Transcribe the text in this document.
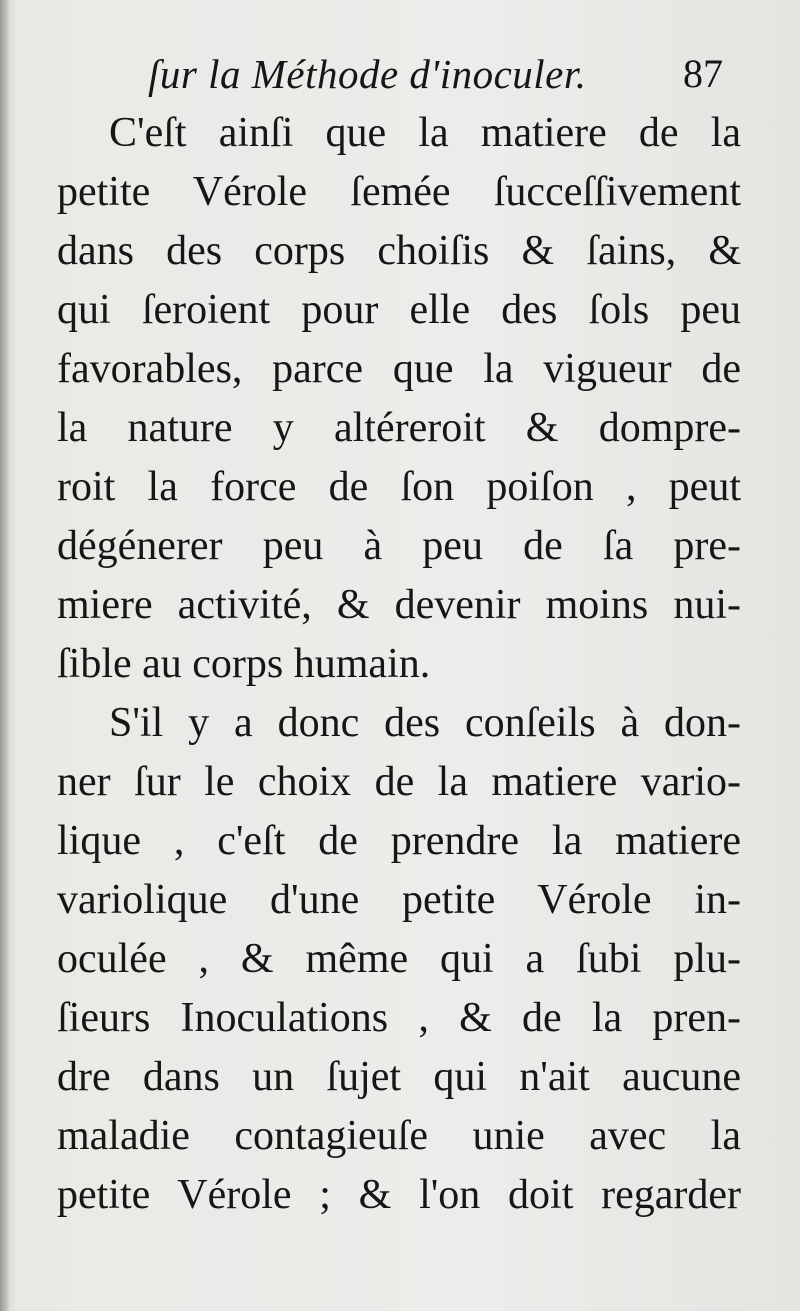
ſur la Méthode d'inoculer. 87
C'eſt ainſi que la matiere de la
petite Vérole ſemée ſucceſſivement
dans des corps choiſis & ſains, &
qui ſeroient pour elle des ſols peu
favorables, parce que la vigueur de
la nature y altéreroit & dompre-
roit la force de ſon poiſon , peut
dégénerer peu à peu de ſa pre-
miere activité, & devenir moins nui-
ſible au corps humain.
S'il y a donc des conſeils à don-
ner ſur le choix de la matiere vario-
lique , c'eſt de prendre la matiere
variolique d'une petite Vérole in-
oculée , & même qui a ſubi plu-
ſieurs Inoculations , & de la pren-
dre dans un ſujet qui n'ait aucune
maladie contagieuſe unie avec la
petite Vérole ; & l'on doit regarder
